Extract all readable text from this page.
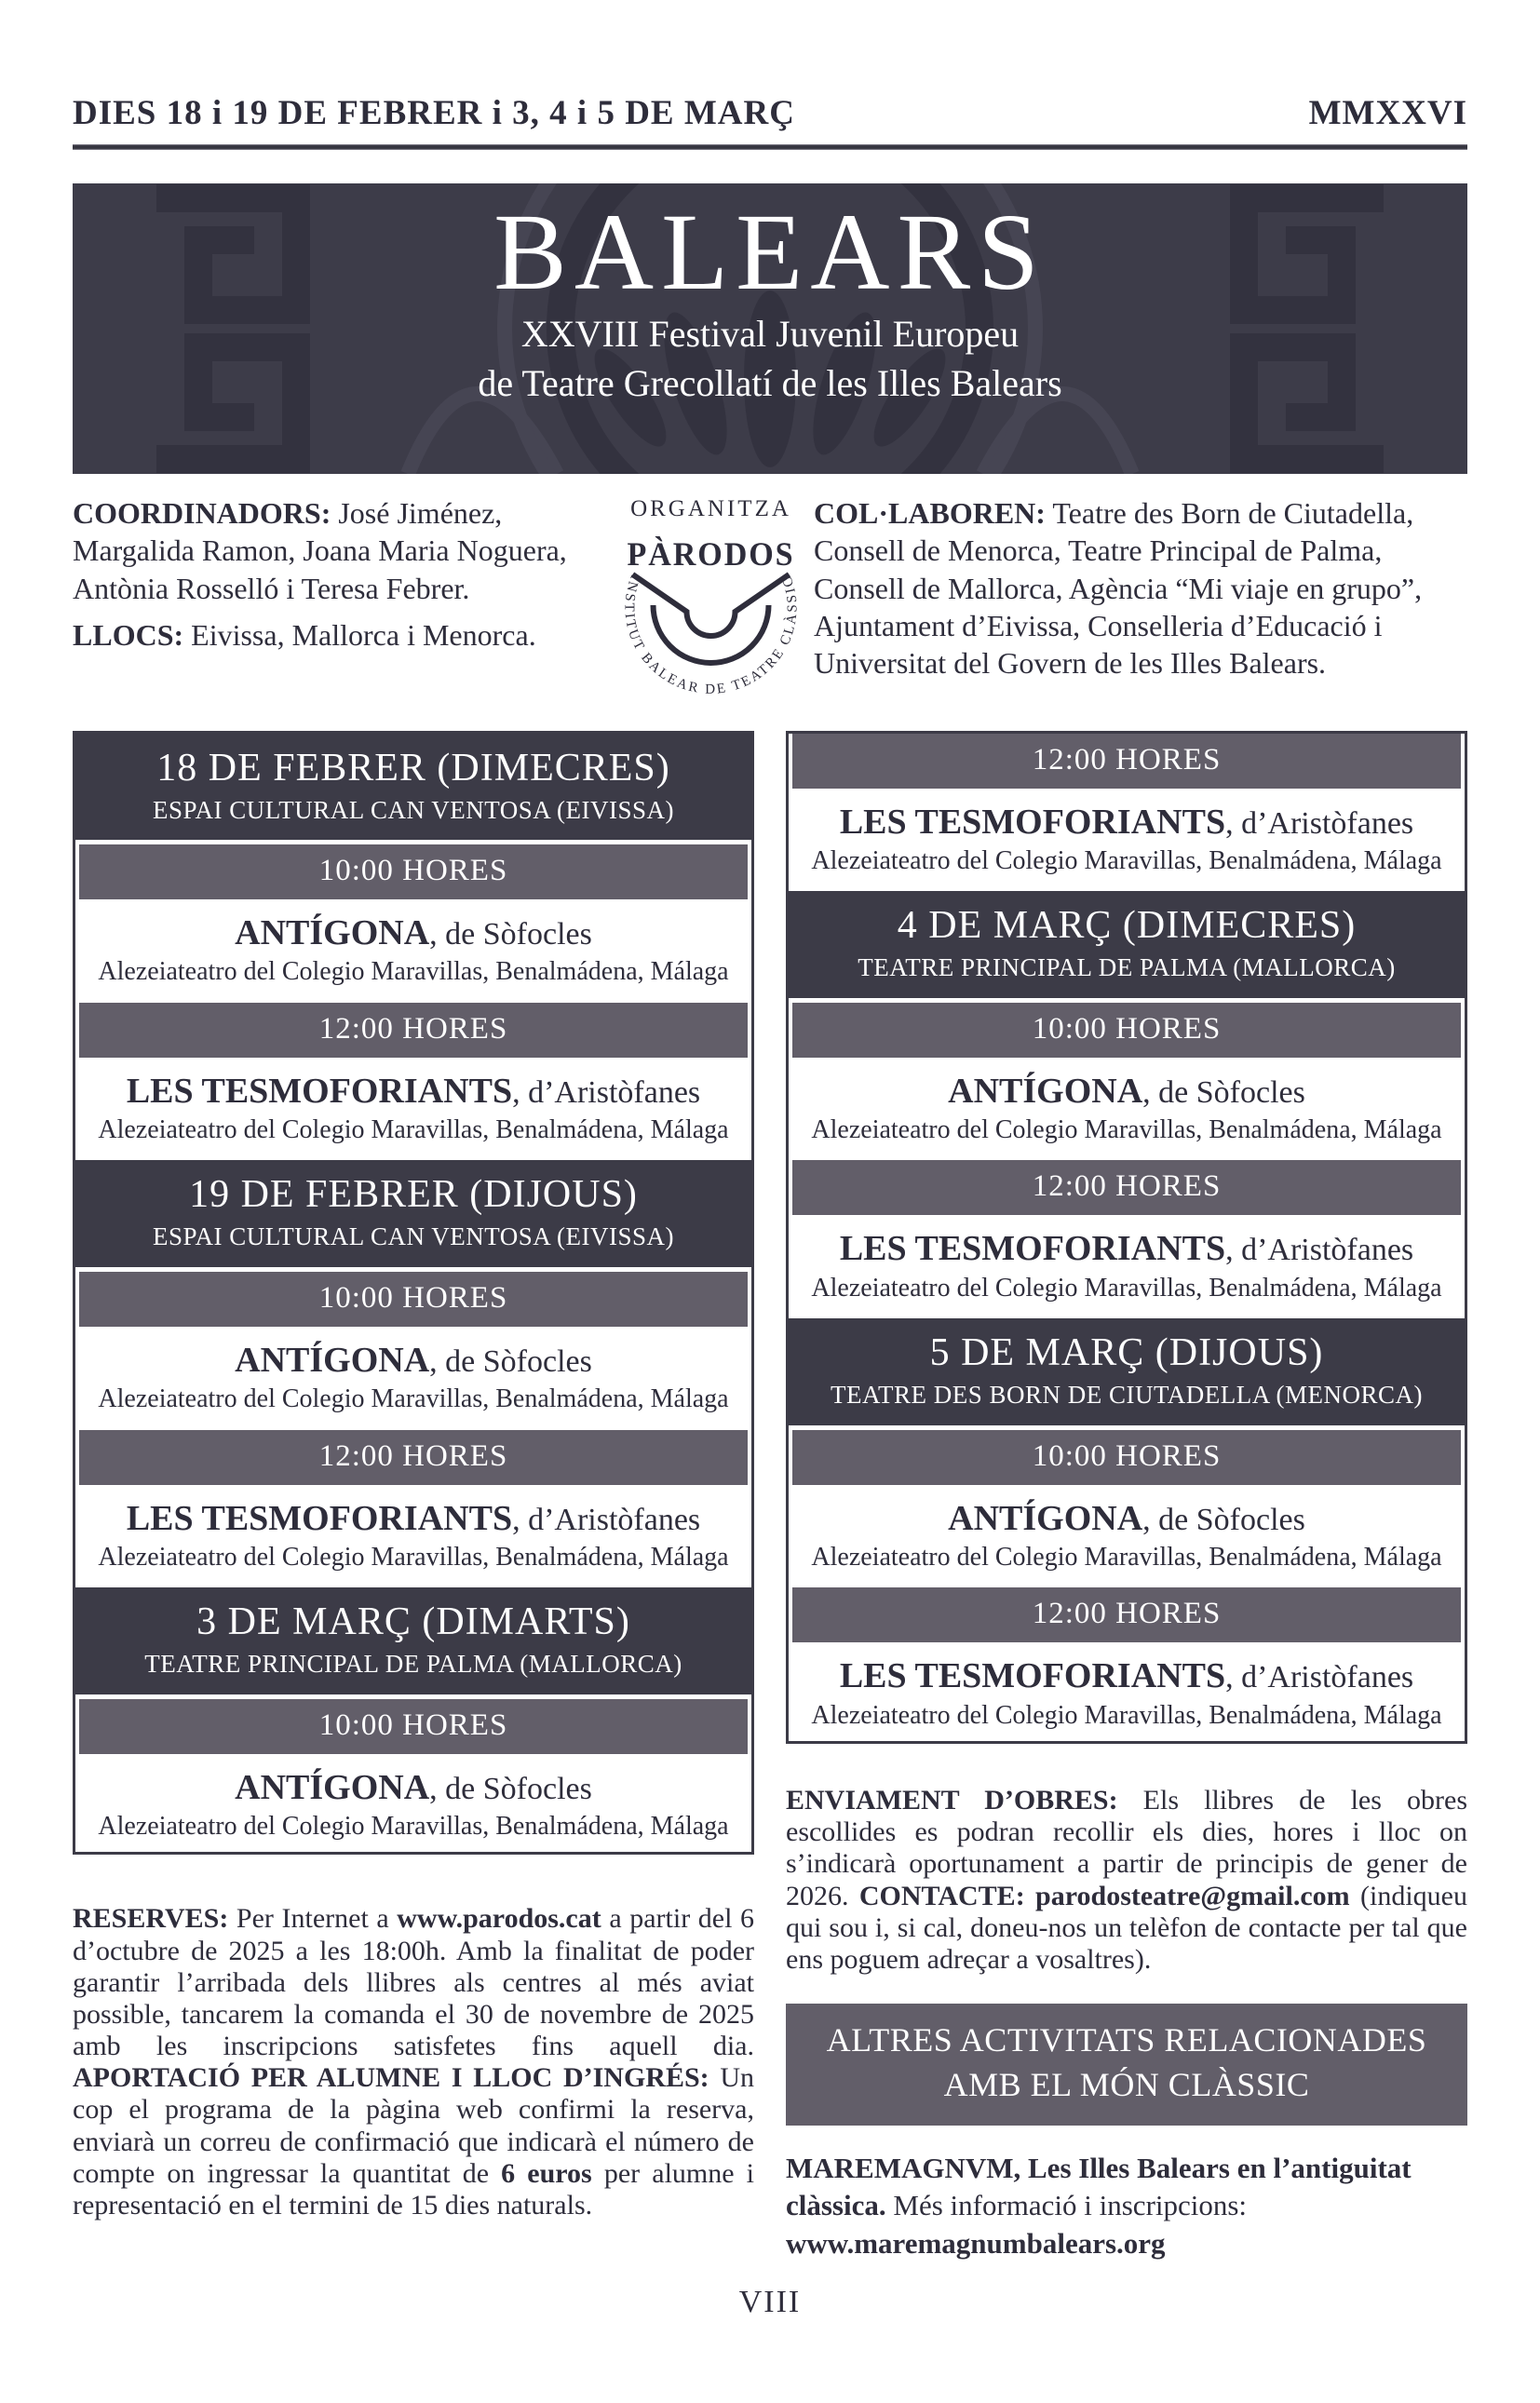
DIES 18 i 19 DE FEBRER i 3, 4 i 5 DE MARÇ	MMXXVI
BALEARS
XXVIII Festival Juvenil Europeu
de Teatre Grecollatí de les Illes Balears
COORDINADORS: José Jiménez, Margalida Ramon, Joana Maria Noguera, Antònia Rosselló i Teresa Febrer.
LLOCS: Eivissa, Mallorca i Menorca.
ORGANITZA
PÀRODOS
INSTITUT BALEAR DE TEATRE CLÀSSIC
COL·LABOREN: Teatre des Born de Ciutadella, Consell de Menorca, Teatre Principal de Palma, Consell de Mallorca, Agència “Mi viaje en grupo”, Ajuntament d’Eivissa, Conselleria d’Educació i Universitat del Govern de les Illes Balears.
18 DE FEBRER (DIMECRES)
ESPAI CULTURAL CAN VENTOSA (EIVISSA)
10:00 HORES
ANTÍGONA, de Sòfocles
Alezeiateatro del Colegio Maravillas, Benalmádena, Málaga
12:00 HORES
LES TESMOFORIANTS, d’Aristòfanes
Alezeiateatro del Colegio Maravillas, Benalmádena, Málaga
19 DE FEBRER (DIJOUS)
ESPAI CULTURAL CAN VENTOSA (EIVISSA)
10:00 HORES
ANTÍGONA, de Sòfocles
Alezeiateatro del Colegio Maravillas, Benalmádena, Málaga
12:00 HORES
LES TESMOFORIANTS, d’Aristòfanes
Alezeiateatro del Colegio Maravillas, Benalmádena, Málaga
3 DE MARÇ (DIMARTS)
TEATRE PRINCIPAL DE PALMA (MALLORCA)
10:00 HORES
ANTÍGONA, de Sòfocles
Alezeiateatro del Colegio Maravillas, Benalmádena, Málaga
RESERVES: Per Internet a www.parodos.cat a partir del 6 d’octubre de 2025 a les 18:00h. Amb la finalitat de poder garantir l’arribada dels llibres als centres al més aviat possible, tancarem la comanda el 30 de novembre de 2025 amb les inscripcions satisfetes fins aquell dia. APORTACIÓ PER ALUMNE I LLOC D’INGRÉS: Un cop el programa de la pàgina web confirmi la reserva, enviarà un correu de confirmació que indicarà el número de compte on ingressar la quantitat de 6 euros per alumne i representació en el termini de 15 dies naturals.
12:00 HORES
LES TESMOFORIANTS, d’Aristòfanes
Alezeiateatro del Colegio Maravillas, Benalmádena, Málaga
4 DE MARÇ (DIMECRES)
TEATRE PRINCIPAL DE PALMA (MALLORCA)
10:00 HORES
ANTÍGONA, de Sòfocles
Alezeiateatro del Colegio Maravillas, Benalmádena, Málaga
12:00 HORES
LES TESMOFORIANTS, d’Aristòfanes
Alezeiateatro del Colegio Maravillas, Benalmádena, Málaga
5 DE MARÇ (DIJOUS)
TEATRE DES BORN DE CIUTADELLA (MENORCA)
10:00 HORES
ANTÍGONA, de Sòfocles
Alezeiateatro del Colegio Maravillas, Benalmádena, Málaga
12:00 HORES
LES TESMOFORIANTS, d’Aristòfanes
Alezeiateatro del Colegio Maravillas, Benalmádena, Málaga
ENVIAMENT D’OBRES: Els llibres de les obres escollides es podran recollir els dies, hores i lloc on s’indicarà oportunament a partir de principis de gener de 2026. CONTACTE: parodosteatre@gmail.com (indiqueu qui sou i, si cal, doneu-nos un telèfon de contacte per tal que ens poguem adreçar a vosaltres).
ALTRES ACTIVITATS RELACIONADES
AMB EL MÓN CLÀSSIC
MAREMAGNVM, Les Illes Balears en l’antiguitat clàssica. Més informació i inscripcions:
www.maremagnumbalears.org
VIII
